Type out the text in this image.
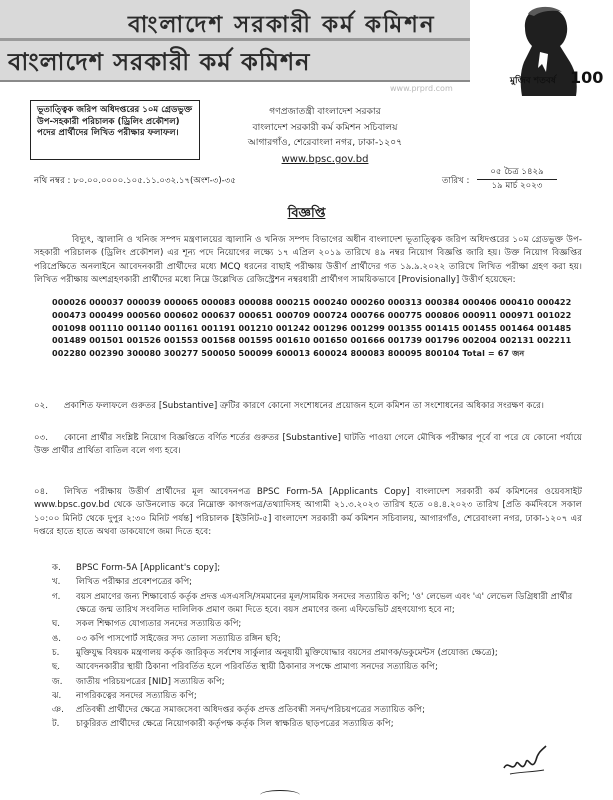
বাংলাদেশ সরকারী কর্ম কমিশন
বাংলাদেশ সরকারী কর্ম কমিশন
মুজিব শতবর্ষ 100
www.prprd.com
ভূতাত্ত্বিক জরিপ অধিদপ্তরের ১০ম গ্রেডভুক্ত উপ-সহকারী পরিচালক (ড্রিলিং প্রকৌশল) পদের প্রার্থীদের লিখিত পরীক্ষার ফলাফল।
গণপ্রজাতন্ত্রী বাংলাদেশ সরকার
বাংলাদেশ সরকারী কর্ম কমিশন সচিবালয়
আগারগাঁও, শেরেবাংলা নগর, ঢাকা-১২০৭
www.bpsc.gov.bd
নথি নম্বর : ৮০.০০.০০০০.১০৫.১১.০৩২.১৭(অংশ-৩)-৩৫	তারিখ :
০৫ চৈত্র ১৪২৯
১৯ মার্চ ২০২৩
বিজ্ঞপ্তি
বিদ্যুৎ, জ্বালানি ও খনিজ সম্পদ মন্ত্রণালয়ের জ্বালানি ও খনিজ সম্পদ বিভাগের অধীন বাংলাদেশ ভূতাত্ত্বিক জরিপ অধিদপ্তরের ১০ম গ্রেডভুক্ত উপ-সহকারী পরিচালক (ড্রিলিং প্রকৌশল) এর শূন্য পদে নিয়োগের লক্ষ্যে ১৭ এপ্রিল ২০১৯ তারিখে ৪৯ নম্বর নিয়োগ বিজ্ঞপ্তি জারি হয়। উক্ত নিয়োগ বিজ্ঞপ্তির পরিপ্রেক্ষিতে অনলাইনে আবেদনকারী প্রার্থীদের মধ্যে MCQ ধরনের বাছাই পরীক্ষায় উত্তীর্ণ প্রার্থীদের গত ১৯.৯.২০২২ তারিখে লিখিত পরীক্ষা গ্রহণ করা হয়। লিখিত পরীক্ষায় অংশগ্রহণকারী প্রার্থীদের মধ্যে নিম্নে উল্লেখিত রেজিস্ট্রেশন নম্বরধারী প্রার্থীগণ সাময়িকভাবে [Provisionally] উত্তীর্ণ হয়েছেন:
000026 000037 000039 000065 000083 000088 000215 000240 000260 000313 000384 000406 000410 000422
000473 000499 000560 000602 000637 000651 000709 000724 000766 000775 000806 000911 000971 001022
001098 001110 001140 001161 001191 001210 001242 001296 001299 001355 001415 001455 001464 001485
001489 001501 001526 001553 001568 001595 001610 001650 001666 001739 001796 002004 002131 002211
002280 002390 300080 300277 500050 500099 600013 600024 800083 800095 800104 Total = 67 জন
০২. প্রকাশিত ফলাফলে গুরুতর [Substantive] ত্রুটির কারণে কোনো সংশোধনের প্রয়োজন হলে কমিশন তা সংশোধনের অধিকার সংরক্ষণ করে।
০৩. কোনো প্রার্থীর সংশ্লিষ্ট নিয়োগ বিজ্ঞপ্তিতে বর্ণিত শর্তের গুরুতর [Substantive] ঘাটতি পাওয়া গেলে মৌখিক পরীক্ষার পূর্বে বা পরে যে কোনো পর্যায়ে উক্ত প্রার্থীর প্রার্থিতা বাতিল বলে গণ্য হবে।
০৪. লিখিত পরীক্ষায় উত্তীর্ণ প্রার্থীদের মূল আবেদনপত্র BPSC Form-5A [Applicants Copy] বাংলাদেশ সরকারী কর্ম কমিশনের ওয়েবসাইট www.bpsc.gov.bd থেকে ডাউনলোড করে নিম্নোক্ত কাগজপত্র/তথ্যাদিসহ আগামী ২১.৩.২০২৩ তারিখ হতে ০৪.৪.২০২৩ তারিখ [প্রতি কর্মদিবসে সকাল ১০:০০ মিনিট থেকে দুপুর ২:৩০ মিনিট পর্যন্ত] পরিচালক [ইউনিট-৫] বাংলাদেশ সরকারী কর্ম কমিশন সচিবালয়, আগারগাঁও, শেরেবাংলা নগর, ঢাকা-১২০৭ এর দপ্তরে হাতে হাতে অথবা ডাকযোগে জমা দিতে হবে:
ক.	BPSC Form-5A [Applicant's copy];
খ.	লিখিত পরীক্ষার প্রবেশপত্রের কপি;
গ.	বয়স প্রমাণের জন্য শিক্ষাবোর্ড কর্তৃক প্রদত্ত এসএসসি/সমমানের মূল/সাময়িক সনদের সত্যায়িত কপি; 'ও' লেভেল এবং 'এ' লেভেল ডিগ্রিধারী প্রার্থীর ক্ষেত্রে জন্ম তারিখ সংবলিত দালিলিক প্রমাণ জমা দিতে হবে। বয়স প্রমাণের জন্য এফিডেভিট গ্রহণযোগ্য হবে না;
ঘ.	সকল শিক্ষাগত যোগ্যতার সনদের সত্যায়িত কপি;
ঙ.	০৩ কপি পাসপোর্ট সাইজের সদ্য তোলা সত্যায়িত রঙ্গিন ছবি;
চ.	মুক্তিযুদ্ধ বিষয়ক মন্ত্রণালয় কর্তৃক জারিকৃত সর্বশেষ সার্কুলার অনুযায়ী মুক্তিযোদ্ধার বয়সের প্রমাণক/ডকুমেন্টস (প্রযোজ্য ক্ষেত্রে);
ছ.	আবেদনকারীর স্থায়ী ঠিকানা পরিবর্তিত হলে পরিবর্তিত স্থায়ী ঠিকানার সপক্ষে প্রামাণ্য সনদের সত্যায়িত কপি;
জ.	জাতীয় পরিচয়পত্রের [NID] সত্যায়িত কপি;
ঝ.	নাগরিকত্বের সনদের সত্যায়িত কপি;
ঞ.	প্রতিবন্ধী প্রার্থীদের ক্ষেত্রে সমাজসেবা অধিদপ্তর কর্তৃক প্রদত্ত প্রতিবন্ধী সনদ/পরিচয়পত্রের সত্যায়িত কপি;
ট.	চাকুরিরত প্রার্থীদের ক্ষেত্রে নিয়োগকারী কর্তৃপক্ষ কর্তৃক সিল স্বাক্ষরিত ছাড়পত্রের সত্যায়িত কপি;
